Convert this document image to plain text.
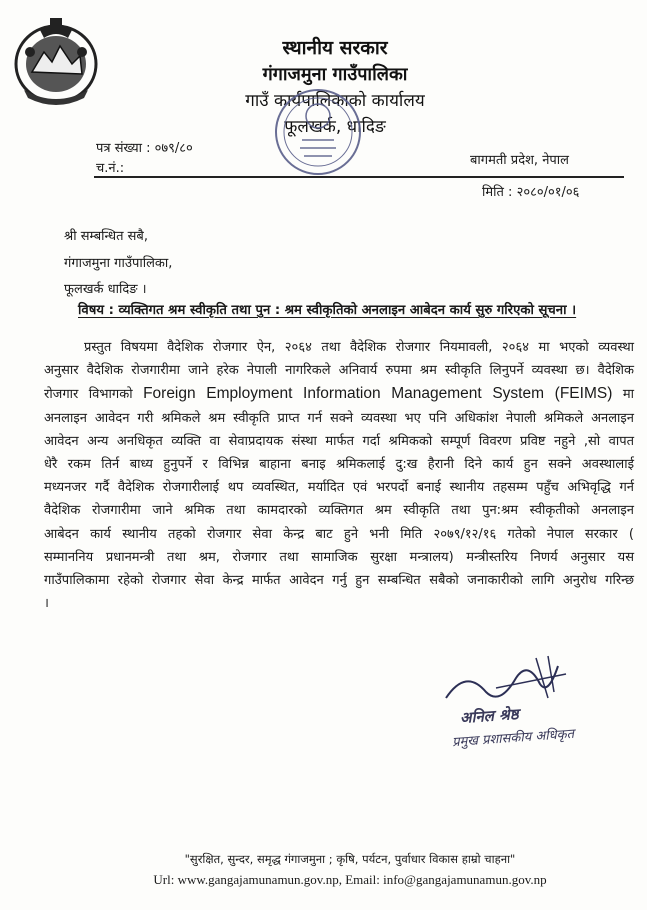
स्थानीय सरकार
गंगाजमुना गाउँपालिका
गाउँ कार्यपालिकाको कार्यालय
फूलखर्क, धादिङ
पत्र संख्या : ०७९/८०
च.नं.:
बागमती प्रदेश, नेपाल
मिति : २०८०/०१/०६
श्री सम्बन्धित सबै,
गंगाजमुना गाउँपालिका,
फूलखर्क धादिङ ।
विषय : व्यक्तिगत श्रम स्वीकृति तथा पुन : श्रम स्वीकृतिको अनलाइन आबेदन कार्य सुरु गरिएको सूचना ।
प्रस्तुत विषयमा वैदेशिक रोजगार ऐन, २०६४ तथा वैदेशिक रोजगार नियमावली, २०६४ मा भएको व्यवस्था
अनुसार वैदेशिक रोजगारीमा जाने हरेक नेपाली नागरिकले अनिवार्य रुपमा श्रम स्वीकृति लिनुपर्ने व्यवस्था छ। वैदेशिक
रोजगार विभागको Foreign Employment Information Management System (FEIMS) मा
अनलाइन आवेदन गरी श्रमिकले श्रम स्वीकृति प्राप्त गर्न सक्ने व्यवस्था भए पनि अधिकांश नेपाली श्रमिकले अनलाइन
आवेदन अन्य अनधिकृत व्यक्ति वा सेवाप्रदायक संस्था मार्फत गर्दा श्रमिकको सम्पूर्ण विवरण प्रविष्ट नहुने ,सो वापत
धेरै रकम तिर्न बाध्य हुनुपर्ने र विभिन्न बाहाना बनाइ श्रमिकलाई दु:ख हैरानी दिने कार्य हुन सक्ने अवस्थालाई
मध्यनजर गर्दै वैदेशिक रोजगारीलाई थप व्यवस्थित, मर्यादित एवं भरपर्दो बनाई स्थानीय तहसम्म पहुँच अभिवृद्धि गर्न
वैदेशिक रोजगारीमा जाने श्रमिक तथा कामदारको व्यक्तिगत श्रम स्वीकृति तथा पुन:श्रम स्वीकृतीको अनलाइन
आबेदन कार्य स्थानीय तहको रोजगार सेवा केन्द्र बाट हुने भनी मिति २०७९/१२/१६ गतेको नेपाल सरकार (
सम्माननिय प्रधानमन्त्री तथा श्रम, रोजगार तथा सामाजिक सुरक्षा मन्त्रालय) मन्त्रीस्तरिय निणर्य अनुसार यस
गाउँपालिकामा रहेको रोजगार सेवा केन्द्र मार्फत आवेदन गर्नु हुन सम्बन्धित सबैको जनाकारीको लागि अनुरोध गरिन्छ
।
अनिल श्रेष्ठ
प्रमुख प्रशासकीय अधिकृत
"सुरक्षित, सुन्दर, समृद्ध गंगाजमुना ; कृषि, पर्यटन, पुर्वाधार विकास हाम्रो चाहना"
Url: www.gangajamunamun.gov.np, Email: info@gangajamunamun.gov.np
